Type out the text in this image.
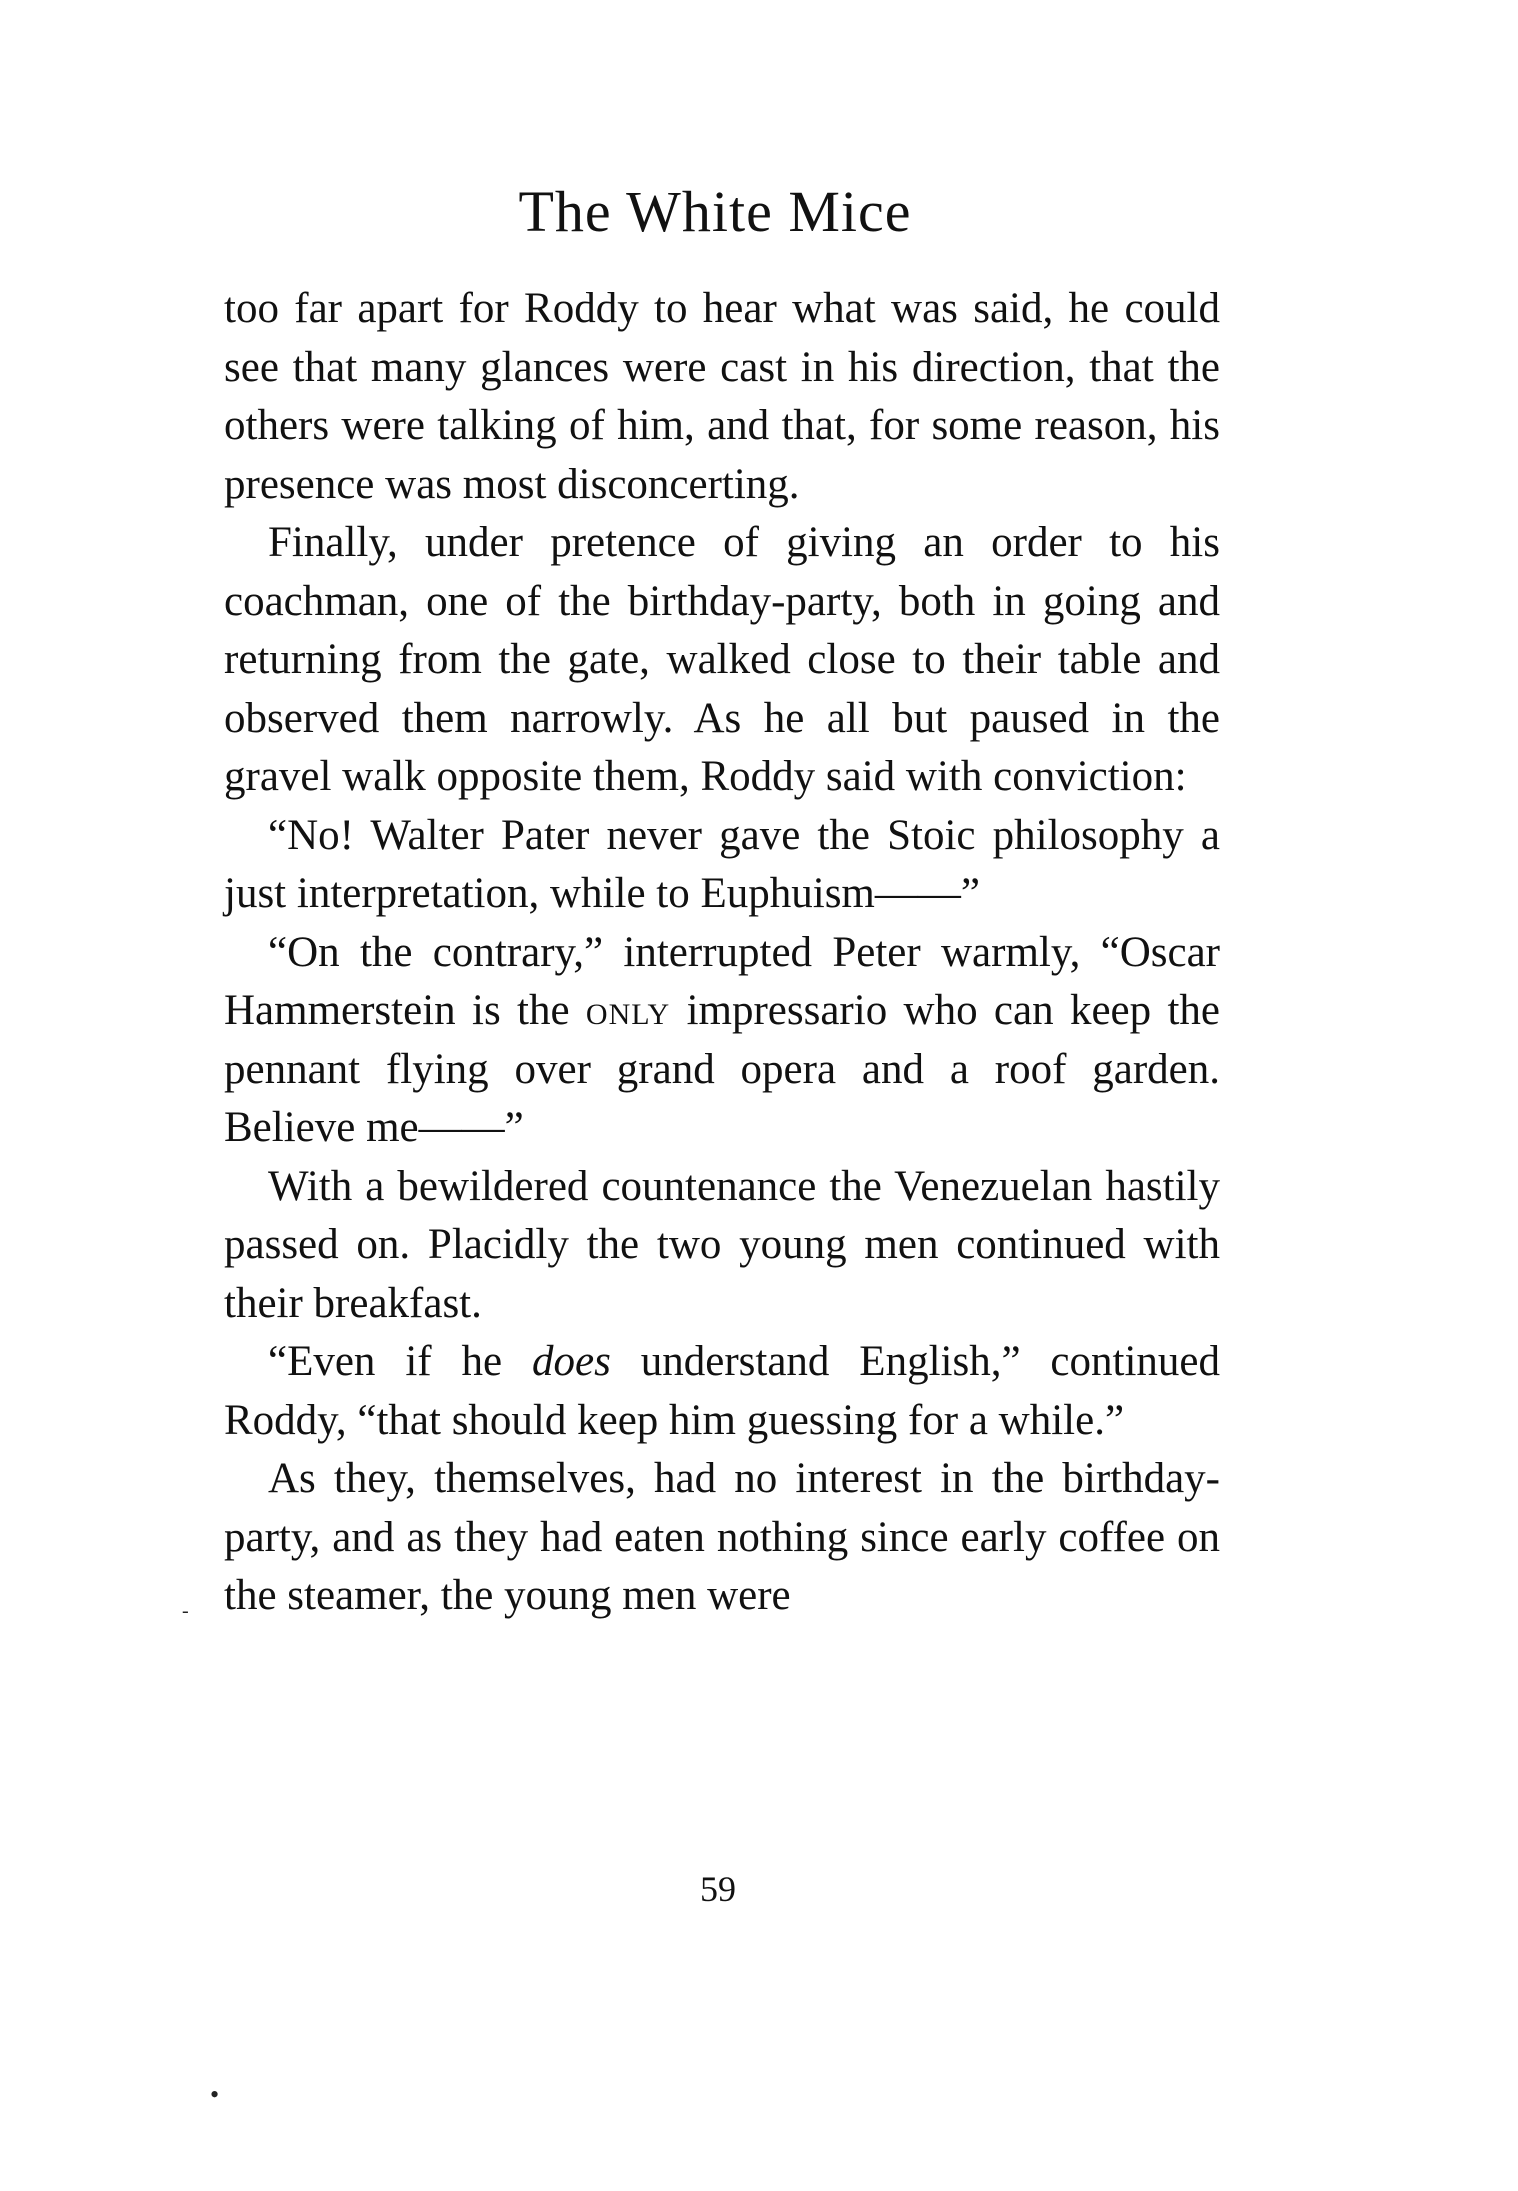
The White Mice

too far apart for Roddy to hear what was said, he could see that many glances were cast in his direction, that the others were talking of him, and that, for some reason, his presence was most disconcerting.

Finally, under pretence of giving an order to his coachman, one of the birthday-party, both in going and returning from the gate, walked close to their table and observed them narrowly. As he all but paused in the gravel walk opposite them, Roddy said with conviction:

“No! Walter Pater never gave the Stoic philosophy a just interpretation, while to Euphuism——”

“On the contrary,” interrupted Peter warmly, “Oscar Hammerstein is the only impressario who can keep the pennant flying over grand opera and a roof garden. Believe me——”

With a bewildered countenance the Venezuelan hastily passed on. Placidly the two young men continued with their breakfast.

“Even if he does understand English,” continued Roddy, “that should keep him guessing for a while.”

As they, themselves, had no interest in the birthday-party, and as they had eaten nothing since early coffee on the steamer, the young men were

59
-
•
